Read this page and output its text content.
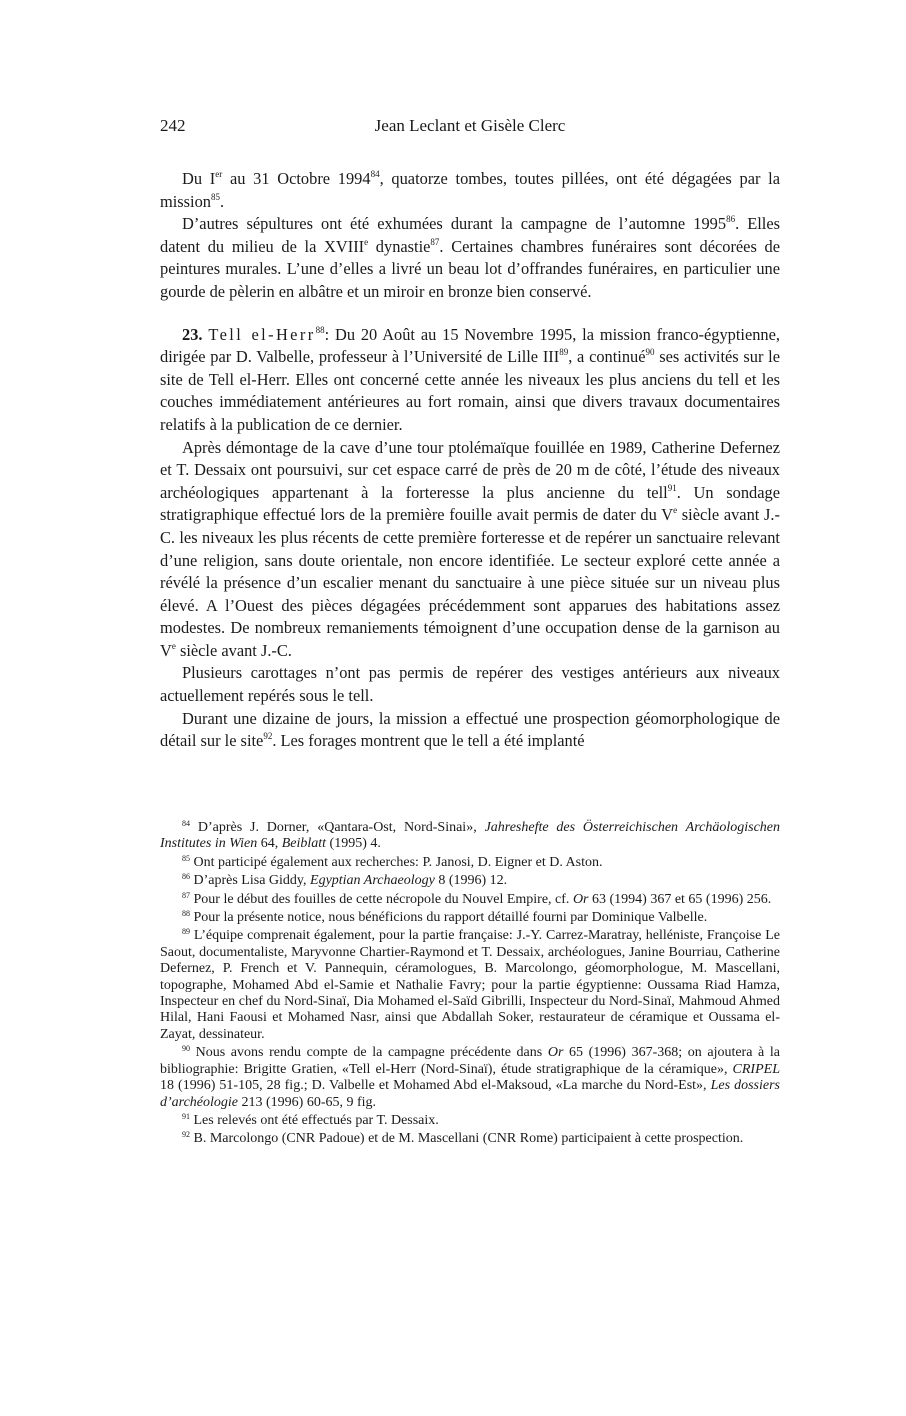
242	Jean Leclant et Gisèle Clerc

Du Ier au 31 Octobre 1994$^{84}$, quatorze tombes, toutes pillées, ont été dégagées par la mission$^{85}$.

D’autres sépultures ont été exhumées durant la campagne de l’automne 1995$^{86}$. Elles datent du milieu de la XVIIIe dynastie$^{87}$. Certaines chambres funéraires sont décorées de peintures murales. L’une d’elles a livré un beau lot d’offrandes funéraires, en particulier une gourde de pèlerin en albâtre et un miroir en bronze bien conservé.

23. Tell el-Herr$^{88}$: Du 20 Août au 15 Novembre 1995, la mission franco-égyptienne, dirigée par D. Valbelle, professeur à l’Université de Lille III$^{89}$, a continué$^{90}$ ses activités sur le site de Tell el-Herr. Elles ont concerné cette année les niveaux les plus anciens du tell et les couches immédiatement antérieures au fort romain, ainsi que divers travaux documentaires relatifs à la publication de ce dernier.

Après démontage de la cave d’une tour ptolémaïque fouillée en 1989, Catherine Defernez et T. Dessaix ont poursuivi, sur cet espace carré de près de 20 m de côté, l’étude des niveaux archéologiques appartenant à la forteresse la plus ancienne du tell$^{91}$. Un sondage stratigraphique effectué lors de la première fouille avait permis de dater du Ve siècle avant J.-C. les niveaux les plus récents de cette première forteresse et de repérer un sanctuaire relevant d’une religion, sans doute orientale, non encore identifiée. Le secteur exploré cette année a révélé la présence d’un escalier menant du sanctuaire à une pièce située sur un niveau plus élevé. A l’Ouest des pièces dégagées précédemment sont apparues des habitations assez modestes. De nombreux remaniements témoignent d’une occupation dense de la garnison au Ve siècle avant J.-C.

Plusieurs carottages n’ont pas permis de repérer des vestiges antérieurs aux niveaux actuellement repérés sous le tell.

Durant une dizaine de jours, la mission a effectué une prospection géomorphologique de détail sur le site$^{92}$. Les forages montrent que le tell a été implanté

$^{84}$ D’après J. Dorner, «Qantara-Ost, Nord-Sinai», Jahreshefte des Österreichischen Archäologischen Institutes in Wien 64, Beiblatt (1995) 4.

$^{85}$ Ont participé également aux recherches: P. Janosi, D. Eigner et D. Aston.

$^{86}$ D’après Lisa Giddy, Egyptian Archaeology 8 (1996) 12.

$^{87}$ Pour le début des fouilles de cette nécropole du Nouvel Empire, cf. Or 63 (1994) 367 et 65 (1996) 256.

$^{88}$ Pour la présente notice, nous bénéficions du rapport détaillé fourni par Dominique Valbelle.

$^{89}$ L’équipe comprenait également, pour la partie française: J.-Y. Carrez-Maratray, helléniste, Françoise Le Saout, documentaliste, Maryvonne Chartier-Raymond et T. Dessaix, archéologues, Janine Bourriau, Catherine Defernez, P. French et V. Pannequin, céramologues, B. Marcolongo, géomorphologue, M. Mascellani, topographe, Mohamed Abd el-Samie et Nathalie Favry; pour la partie égyptienne: Oussama Riad Hamza, Inspecteur en chef du Nord-Sinaï, Dia Mohamed el-Saïd Gibrilli, Inspecteur du Nord-Sinaï, Mahmoud Ahmed Hilal, Hani Faousi et Mohamed Nasr, ainsi que Abdallah Soker, restaurateur de céramique et Oussama el-Zayat, dessinateur.

$^{90}$ Nous avons rendu compte de la campagne précédente dans Or 65 (1996) 367-368; on ajoutera à la bibliographie: Brigitte Gratien, «Tell el-Herr (Nord-Sinaï), étude stratigraphique de la céramique», CRIPEL 18 (1996) 51-105, 28 fig.; D. Valbelle et Mohamed Abd el-Maksoud, «La marche du Nord-Est», Les dossiers d’archéologie 213 (1996) 60-65, 9 fig.

$^{91}$ Les relevés ont été effectués par T. Dessaix.

$^{92}$ B. Marcolongo (CNR Padoue) et de M. Mascellani (CNR Rome) participaient à cette prospection.
